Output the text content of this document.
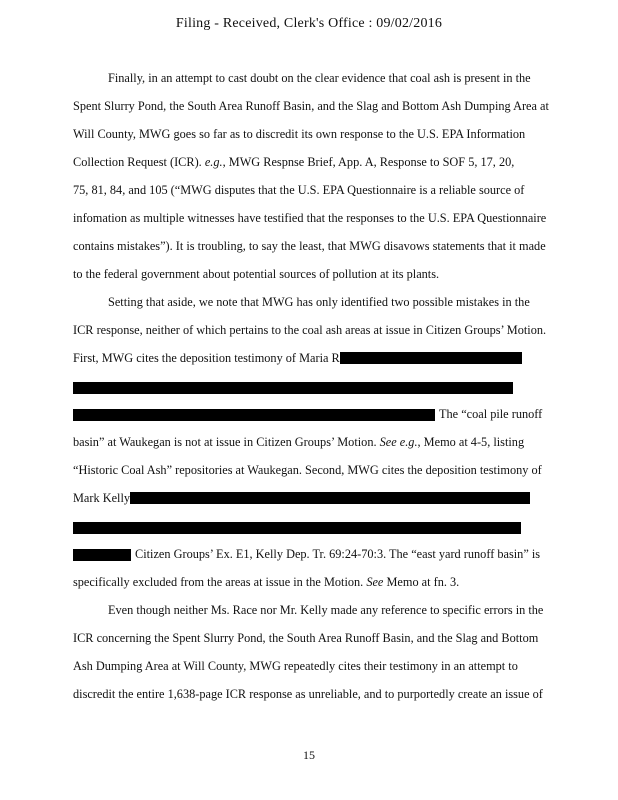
Filing - Received, Clerk's Office : 09/02/2016
Finally, in an attempt to cast doubt on the clear evidence that coal ash is present in the
Spent Slurry Pond, the South Area Runoff Basin, and the Slag and Bottom Ash Dumping Area at
Will County, MWG goes so far as to discredit its own response to the U.S. EPA Information
Collection Request (ICR). e.g., MWG Respnse Brief, App. A, Response to SOF 5, 17, 20,
75, 81, 84, and 105 (“MWG disputes that the U.S. EPA Questionnaire is a reliable source of
infomation as multiple witnesses have testified that the responses to the U.S. EPA Questionnaire
contains mistakes”). It is troubling, to say the least, that MWG disavows statements that it made
to the federal government about potential sources of pollution at its plants.
Setting that aside, we note that MWG has only identified two possible mistakes in the
ICR response, neither of which pertains to the coal ash areas at issue in Citizen Groups’ Motion.
First, MWG cites the deposition testimony of Maria R
The “coal pile runoff
basin” at Waukegan is not at issue in Citizen Groups’ Motion. See e.g., Memo at 4-5, listing
“Historic Coal Ash” repositories at Waukegan. Second, MWG cites the deposition testimony of
Mark Kelly
Citizen Groups’ Ex. E1, Kelly Dep. Tr. 69:24-70:3. The “east yard runoff basin” is
specifically excluded from the areas at issue in the Motion. See Memo at fn. 3.
Even though neither Ms. Race nor Mr. Kelly made any reference to specific errors in the
ICR concerning the Spent Slurry Pond, the South Area Runoff Basin, and the Slag and Bottom
Ash Dumping Area at Will County, MWG repeatedly cites their testimony in an attempt to
discredit the entire 1,638-page ICR response as unreliable, and to purportedly create an issue of
15
